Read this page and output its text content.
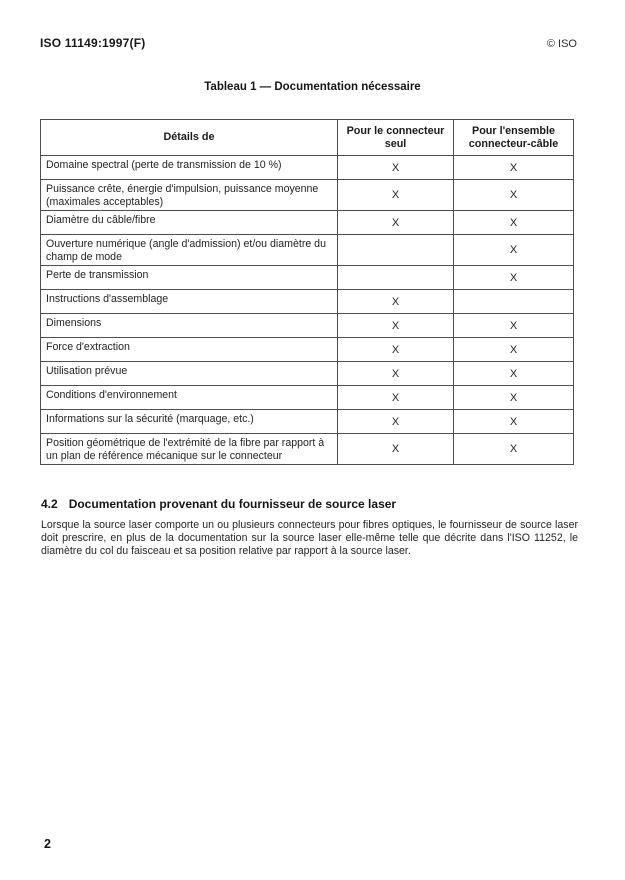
ISO 11149:1997(F)	© ISO
Tableau 1 — Documentation nécessaire
Détails de	Pour le connecteur seul	Pour l'ensemble connecteur-câble
Domaine spectral (perte de transmission de 10 %)	X	X
Puissance crête, énergie d'impulsion, puissance moyenne (maximales acceptables)	X	X
Diamètre du câble/fibre	X	X
Ouverture numérique (angle d'admission) et/ou diamètre du champ de mode		X
Perte de transmission		X
Instructions d'assemblage	X	
Dimensions	X	X
Force d'extraction	X	X
Utilisation prévue	X	X
Conditions d'environnement	X	X
Informations sur la sécurité (marquage, etc.)	X	X
Position géométrique de l'extrémité de la fibre par rapport à un plan de référence mécanique sur le connecteur	X	X
4.2 Documentation provenant du fournisseur de source laser

Lorsque la source laser comporte un ou plusieurs connecteurs pour fibres optiques, le fournisseur de source laser doit prescrire, en plus de la documentation sur la source laser elle-même telle que décrite dans l'ISO 11252, le diamètre du col du faisceau et sa position relative par rapport à la source laser.

2
